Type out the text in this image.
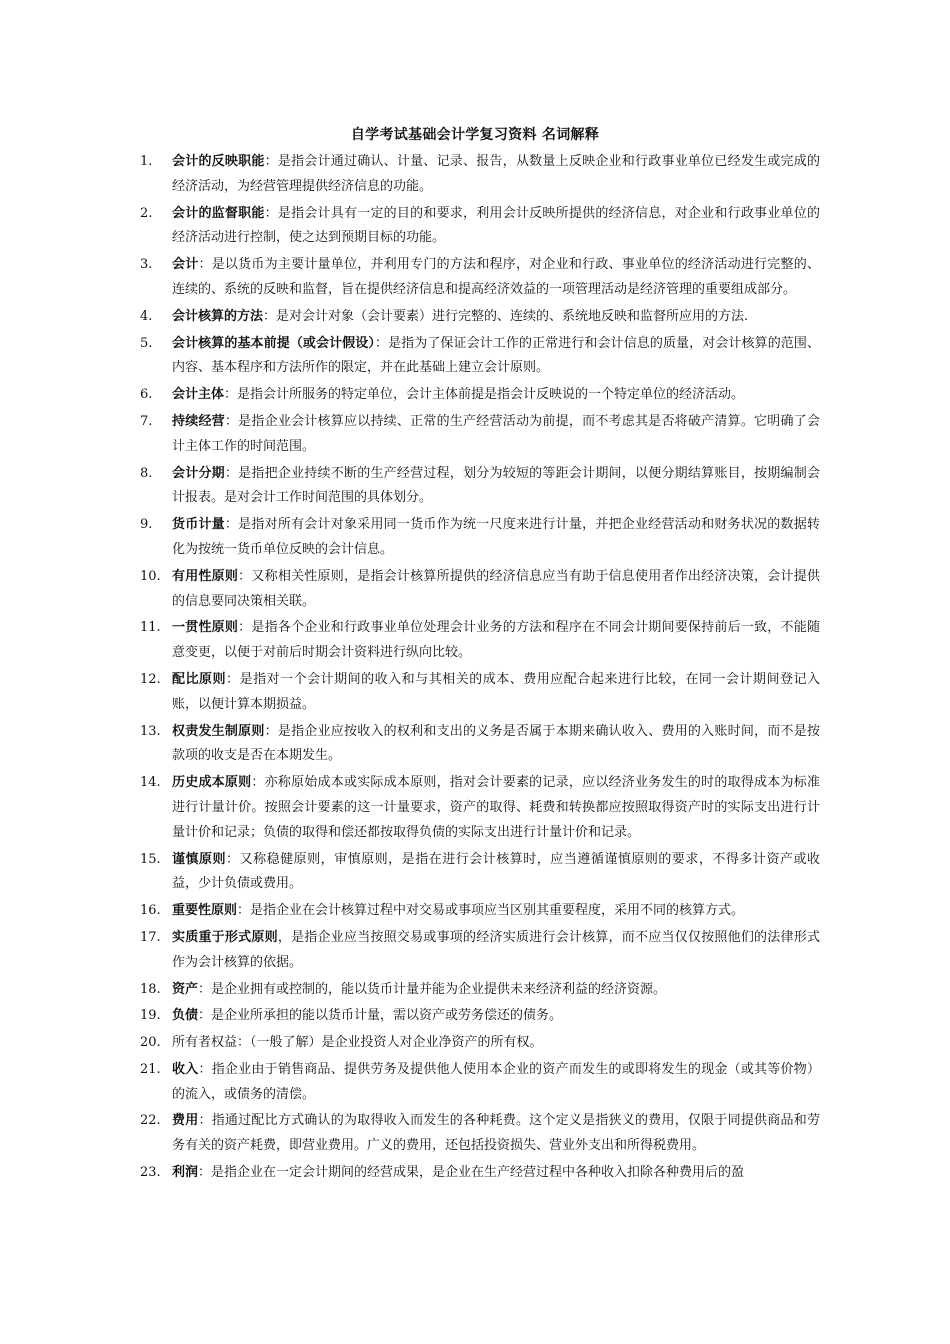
自学考试基础会计学复习资料 名词解释
1.	会计的反映职能：是指会计通过确认、计量、记录、报告，从数量上反映企业和行政事业单位已经发生或完成的经济活动，为经营管理提供经济信息的功能。
2.	会计的监督职能：是指会计具有一定的目的和要求，利用会计反映所提供的经济信息，对企业和行政事业单位的经济活动进行控制，使之达到预期目标的功能。
3.	会计：是以货币为主要计量单位，并利用专门的方法和程序，对企业和行政、事业单位的经济活动进行完整的、连续的、系统的反映和监督，旨在提供经济信息和提高经济效益的一项管理活动是经济管理的重要组成部分。
4.	会计核算的方法：是对会计对象（会计要素）进行完整的、连续的、系统地反映和监督所应用的方法.
5.	会计核算的基本前提（或会计假设）：是指为了保证会计工作的正常进行和会计信息的质量，对会计核算的范围、内容、基本程序和方法所作的限定，并在此基础上建立会计原则。
6.	会计主体：是指会计所服务的特定单位，会计主体前提是指会计反映说的一个特定单位的经济活动。
7.	持续经营：是指企业会计核算应以持续、正常的生产经营活动为前提，而不考虑其是否将破产清算。它明确了会计主体工作的时间范围。
8.	会计分期：是指把企业持续不断的生产经营过程，划分为较短的等距会计期间，以便分期结算账目，按期编制会计报表。是对会计工作时间范围的具体划分。
9.	货币计量：是指对所有会计对象采用同一货币作为统一尺度来进行计量，并把企业经营活动和财务状况的数据转化为按统一货币单位反映的会计信息。
10. 有用性原则：又称相关性原则，是指会计核算所提供的经济信息应当有助于信息使用者作出经济决策，会计提供的信息要同决策相关联。
11. 一贯性原则：是指各个企业和行政事业单位处理会计业务的方法和程序在不同会计期间要保持前后一致，不能随意变更，以便于对前后时期会计资料进行纵向比较。
12. 配比原则：是指对一个会计期间的收入和与其相关的成本、费用应配合起来进行比较，在同一会计期间登记入账，以便计算本期损益。
13. 权责发生制原则：是指企业应按收入的权利和支出的义务是否属于本期来确认收入、费用的入账时间，而不是按款项的收支是否在本期发生。
14. 历史成本原则：亦称原始成本或实际成本原则，指对会计要素的记录，应以经济业务发生的时的取得成本为标准进行计量计价。按照会计要素的这一计量要求，资产的取得、耗费和转换都应按照取得资产时的实际支出进行计量计价和记录；负债的取得和偿还都按取得负债的实际支出进行计量计价和记录。
15. 谨慎原则：又称稳健原则，审慎原则，是指在进行会计核算时，应当遵循谨慎原则的要求，不得多计资产或收益，少计负债或费用。
16. 重要性原则：是指企业在会计核算过程中对交易或事项应当区别其重要程度，采用不同的核算方式。
17. 实质重于形式原则，是指企业应当按照交易或事项的经济实质进行会计核算，而不应当仅仅按照他们的法律形式作为会计核算的依据。
18. 资产：是企业拥有或控制的，能以货币计量并能为企业提供未来经济利益的经济资源。
19. 负债：是企业所承担的能以货币计量，需以资产或劳务偿还的债务。
20. 所有者权益：（一般了解）是企业投资人对企业净资产的所有权。
21. 收入：指企业由于销售商品、提供劳务及提供他人使用本企业的资产而发生的或即将发生的现金（或其等价物）的流入，或债务的清偿。
22. 费用：指通过配比方式确认的为取得收入而发生的各种耗费。这个定义是指狭义的费用，仅限于同提供商品和劳务有关的资产耗费，即营业费用。广义的费用，还包括投资损失、营业外支出和所得税费用。
23. 利润：是指企业在一定会计期间的经营成果，是企业在生产经营过程中各种收入扣除各种费用后的盈
